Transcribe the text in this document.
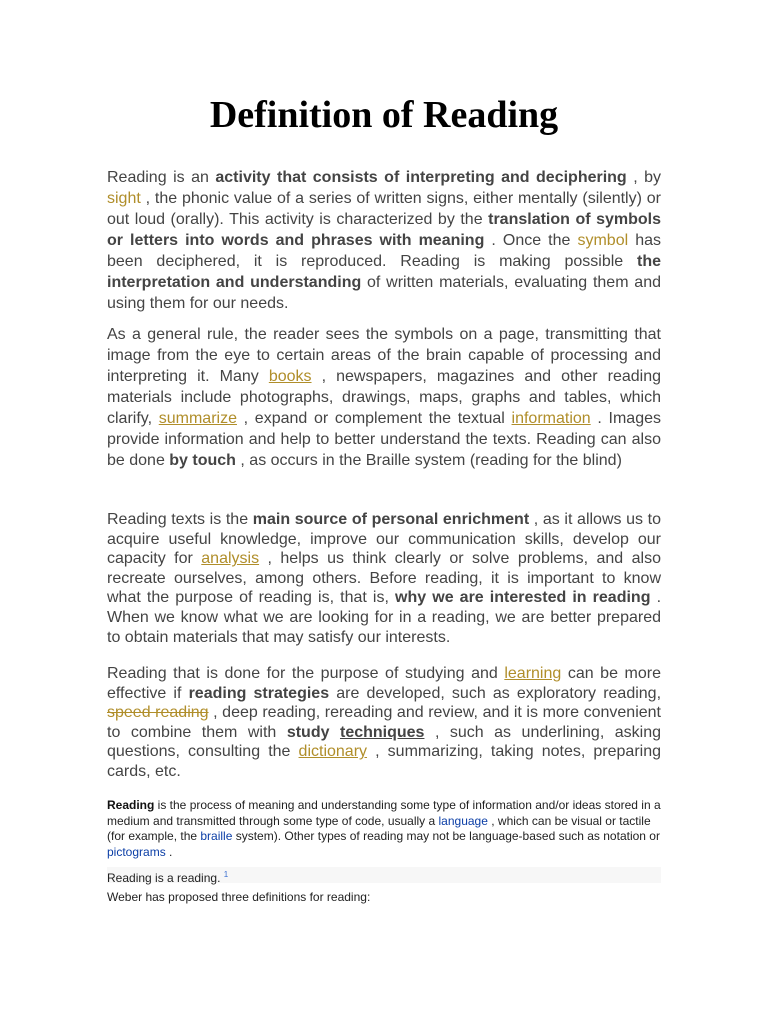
Definition of Reading

Reading is an activity that consists of interpreting and deciphering , by sight , the phonic value of a series of written signs, either mentally (silently) or out loud (orally). This activity is characterized by the translation of symbols or letters into words and phrases with meaning . Once the symbol has been deciphered, it is reproduced. Reading is making possible the interpretation and understanding of written materials, evaluating them and using them for our needs.

As a general rule, the reader sees the symbols on a page, transmitting that image from the eye to certain areas of the brain capable of processing and interpreting it. Many books , newspapers, magazines and other reading materials include photographs, drawings, maps, graphs and tables, which clarify, summarize , expand or complement the textual information . Images provide information and help to better understand the texts. Reading can also be done by touch , as occurs in the Braille system (reading for the blind)

Reading texts is the main source of personal enrichment , as it allows us to acquire useful knowledge, improve our communication skills, develop our capacity for analysis , helps us think clearly or solve problems, and also recreate ourselves, among others. Before reading, it is important to know what the purpose of reading is, that is, why we are interested in reading . When we know what we are looking for in a reading, we are better prepared to obtain materials that may satisfy our interests.

Reading that is done for the purpose of studying and learning can be more effective if reading strategies are developed, such as exploratory reading, speed reading , deep reading, rereading and review, and it is more convenient to combine them with study techniques , such as underlining, asking questions, consulting the dictionary , summarizing, taking notes, preparing cards, etc.

Reading is the process of meaning and understanding some type of information and/or ideas stored in a medium and transmitted through some type of code, usually a language , which can be visual or tactile (for example, the braille system). Other types of reading may not be language-based such as notation or pictograms .

Reading is a reading. $^1$

Weber has proposed three definitions for reading:
